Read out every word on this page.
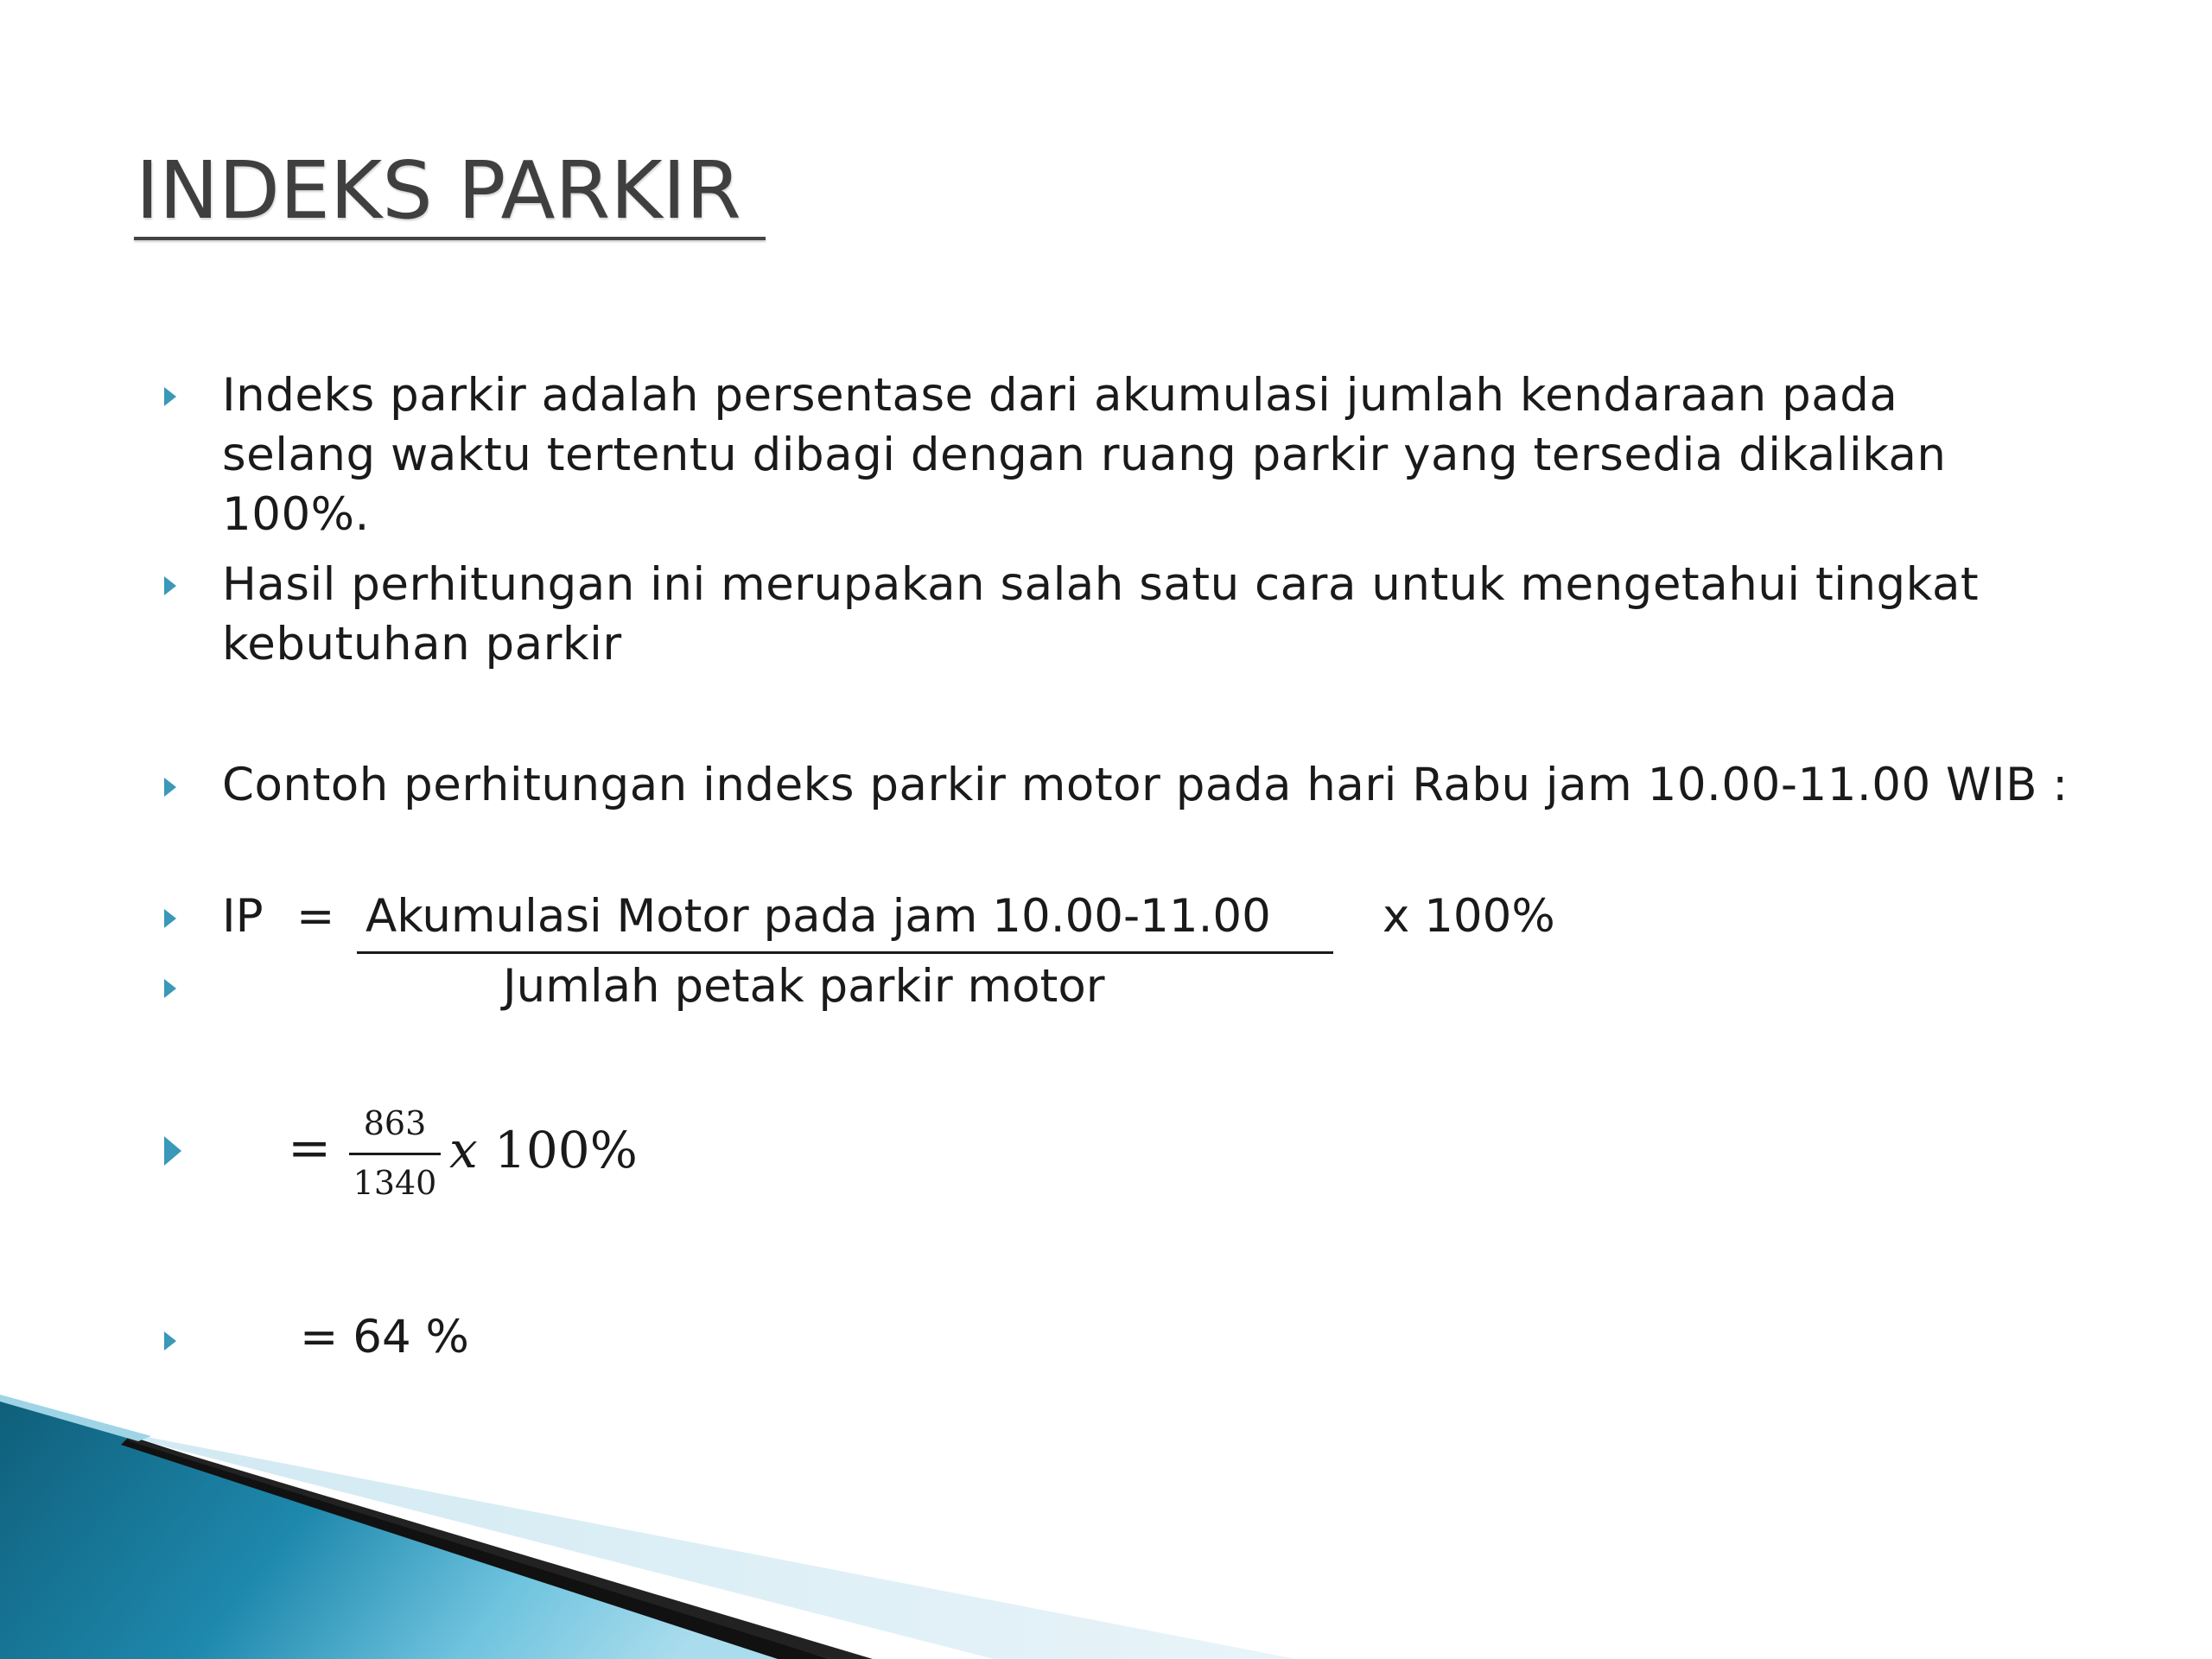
INDEKS PARKIR
Indeks parkir adalah persentase dari akumulasi jumlah kendaraan pada selang waktu tertentu dibagi dengan ruang parkir yang tersedia dikalikan 100%.
Hasil perhitungan ini merupakan salah satu cara untuk mengetahui tingkat kebutuhan parkir
Contoh perhitungan indeks parkir motor pada hari Rabu jam 10.00-11.00 WIB :
IP = Akumulasi Motor pada jam 10.00-11.00 x 100%
Jumlah petak parkir motor
= 863
1340
x 100%
= 64 %
